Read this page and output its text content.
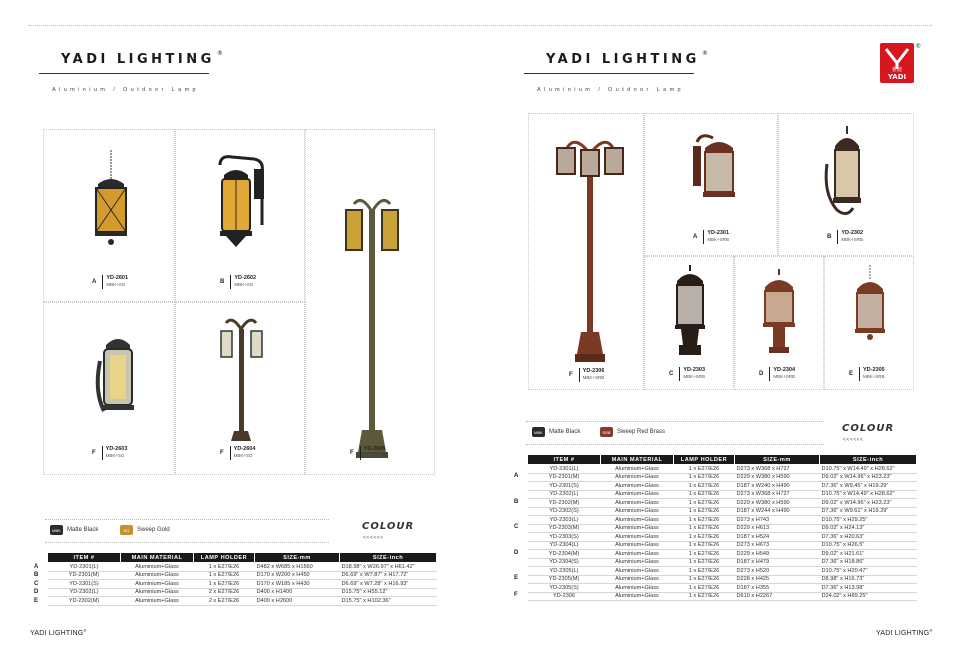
YADI LIGHTING ®
Aluminium / Outdoor Lamp
A
YD-2601
MBK+SG	B
YD-2602
MBK+SG
F
YD-2605
MBK+SG
F
YD-2603
MBK+SG	F
YD-2604
MBK+SG
MBK	Matte Black	SG	Sweep Gold	COLOUR
<<<<<<
ITEM #	MAIN MATERIAL	LAMP HOLDER	SIZE-mm	SIZE-inch
YD-2301(L)	Aluminium+Glass	1 x E27/E26	D482 x W685 x H1560	D18.98" x W26.97" x H61.42"
YD-2301(M)	Aluminium+Glass	1 x E27/E26	D170 x W200 x H450	D6.69" x W7.87" x H17.72"
YD-2301(S)	Aluminium+Glass	1 x E27/E26	D170 x W185 x H430	D6.69" x W7.28" x H16.93"
YD-2302(L)	Aluminium+Glass	2 x E27/E26	D400 x H1400	D15.75" x H55.12"
YD-2302(M)	Aluminium+Glass	2 x E27/E26	D400 x H2600	D15.75" x H102.36"
A
B
C
D
E
YADI LIGHTING®
YADI LIGHTING ®
Aluminium / Outdoor Lamp
雅迪
YADI
®
F
YD-2306
MBK+SRB
A
YD-2301
MBK+SRB	B
YD-2302
MBK+SRB
C
YD-2303
MBK+SRB	D
YD-2304
MBK+SRB	E
YD-2305
MBK+SRB
MBK	Matte Black	SRB	Sweep Red Brass	COLOUR
<<<<<<
ITEM #	MAIN MATERIAL	LAMP HOLDER	SIZE-mm	SIZE-inch
YD-2301(L)	Aluminium+Glass	1 x E27/E26	D273 x W368 x H727	D10.75" x W14.49" x H28.62"
YD-2301(M)	Aluminium+Glass	1 x E27/E26	D229 x W380 x H590	D9.02" x W14.96" x H23.23"
YD-2301(S)	Aluminium+Glass	1 x E27/E26	D187 x W240 x H490	D7.36" x W9.45" x H19.29"
YD-2302(L)	Aluminium+Glass	1 x E27/E26	D273 x W368 x H727	D10.75" x W14.49" x H28.62"
YD-2302(M)	Aluminium+Glass	1 x E27/E26	D229 x W380 x H590	D9.02" x W14.96" x H23.23"
YD-2302(S)	Aluminium+Glass	1 x E27/E26	D187 x W244 x H490	D7.36" x W9.61" x H19.29"
YD-2303(L)	Aluminium+Glass	1 x E27/E26	D273 x H743	D10.75" x H29.25"
YD-2303(M)	Aluminium+Glass	1 x E27/E26	D229 x H613	D9.02" x H24.13"
YD-2303(S)	Aluminium+Glass	1 x E27/E26	D187 x H524	D7.36" x H20.63"
YD-2304(L)	Aluminium+Glass	1 x E27/E26	D273 x H673	D10.75" x H26.5"
YD-2304(M)	Aluminium+Glass	1 x E27/E26	D229 x H549	D9.02" x H21.61"
YD-2304(S)	Aluminium+Glass	1 x E27/E26	D187 x H479	D7.36" x H18.86"
YD-2305(L)	Aluminium+Glass	1 x E27/E26	D273 x H520	D10.75" x H20.47"
YD-2305(M)	Aluminium+Glass	1 x E27/E26	D228 x H425	D8.98" x H16.73"
YD-2305(S)	Aluminium+Glass	1 x E27/E26	D187 x H355	D7.36" x H13.98"
YD-2306	Aluminium+Glass	1 x E27/E26	D610 x H2267	D24.02" x H89.25"
A
B
C
D
E
F
YADI LIGHTING®
